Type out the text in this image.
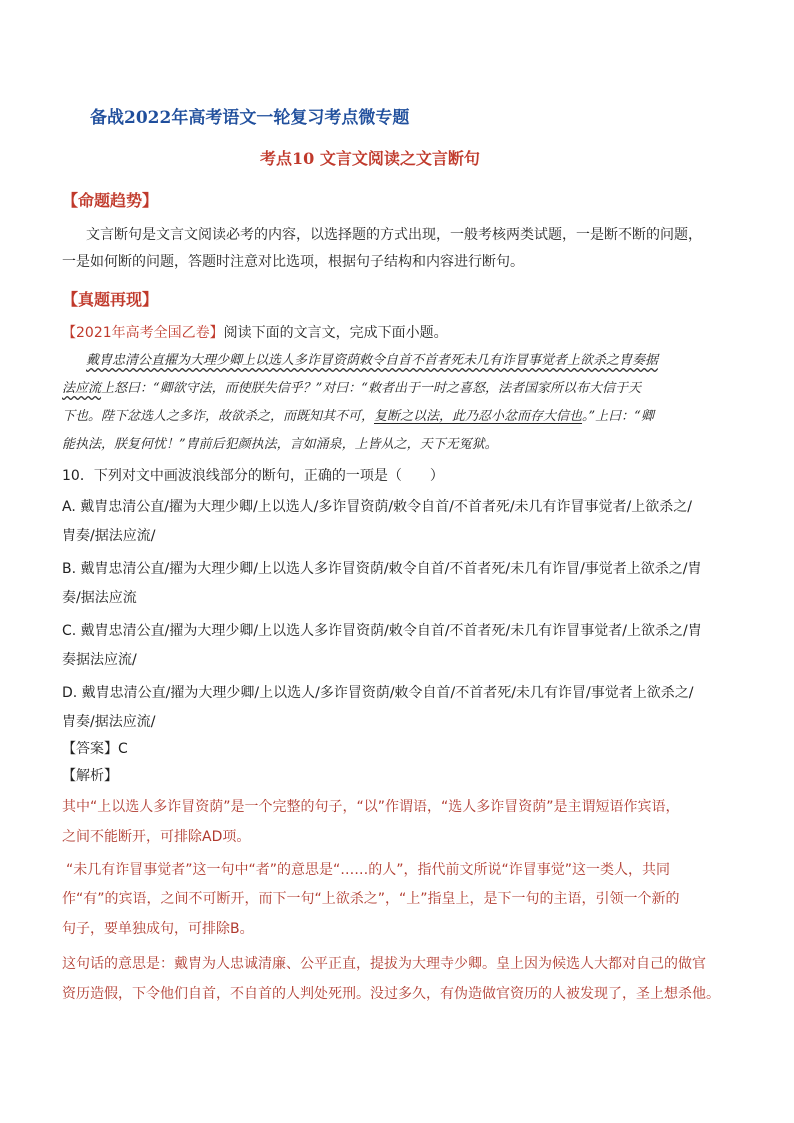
备战2022年高考语文一轮复习考点微专题
考点10 文言文阅读之文言断句
【命题趋势】
文言断句是文言文阅读必考的内容，以选择题的方式出现，一般考核两类试题，一是断不断的问题，
一是如何断的问题，答题时注意对比选项，根据句子结构和内容进行断句。
【真题再现】
【2021年高考全国乙卷】阅读下面的文言文，完成下面小题。
戴胄忠清公直擢为大理少卿上以选人多诈冒资荫敕令自首不首者死未几有诈冒事觉者上欲杀之胄奏据
法应流上怒曰：“卿欲守法，而使朕失信乎？”对曰：“敕者出于一时之喜怒，法者国家所以布大信于天
下也。陛下忿选人之多诈，故欲杀之，而既知其不可，复断之以法，此乃忍小忿而存大信也。”上曰：“卿
能执法，朕复何忧！”胄前后犯颜执法，言如涌泉，上皆从之，天下无冤狱。
10．下列对文中画波浪线部分的断句，正确的一项是（　　）
A. 戴胄忠清公直/擢为大理少卿/上以选人/多诈冒资荫/敕令自首/不首者死/未几有诈冒事觉者/上欲杀之/
胄奏/据法应流/
B. 戴胄忠清公直/擢为大理少卿/上以选人多诈冒资荫/敕令自首/不首者死/未几有诈冒/事觉者上欲杀之/胄
奏/据法应流
C. 戴胄忠清公直/擢为大理少卿/上以选人多诈冒资荫/敕令自首/不首者死/未几有诈冒事觉者/上欲杀之/胄
奏据法应流/
D. 戴胄忠清公直/擢为大理少卿/上以选人/多诈冒资荫/敕令自首/不首者死/未几有诈冒/事觉者上欲杀之/
胄奏/据法应流/
【答案】C
【解析】
其中“上以选人多诈冒资荫”是一个完整的句子，“以”作谓语，“选人多诈冒资荫”是主谓短语作宾语，
之间不能断开，可排除AD项。
“未几有诈冒事觉者”这一句中“者”的意思是“……的人”，指代前文所说“诈冒事觉”这一类人，共同
作“有”的宾语，之间不可断开，而下一句“上欲杀之”，“上”指皇上，是下一句的主语，引领一个新的
句子，要单独成句，可排除B。
这句话的意思是：戴胄为人忠诚清廉、公平正直，提拔为大理寺少卿。皇上因为候选人大都对自己的做官
资历造假，下令他们自首，不自首的人判处死刑。没过多久，有伪造做官资历的人被发现了，圣上想杀他。
